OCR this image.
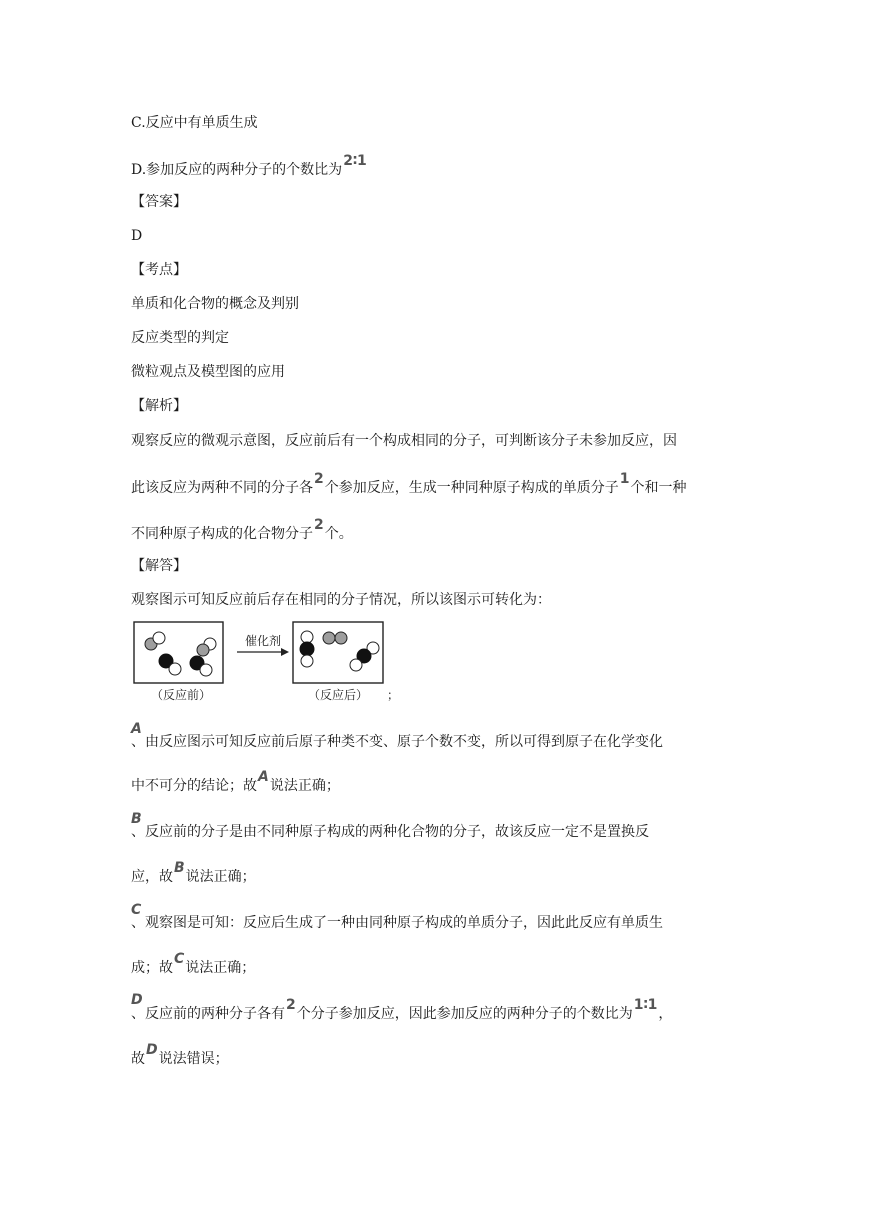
C.反应中有单质生成
D.参加反应的两种分子的个数比为2∶1
【答案】
D
【考点】
单质和化合物的概念及判别
反应类型的判定
微粒观点及模型图的应用
【解析】
观察反应的微观示意图，反应前后有一个构成相同的分子，可判断该分子未参加反应，因
此该反应为两种不同的分子各2个参加反应，生成一种同种原子构成的单质分子1个和一种
不同种原子构成的化合物分子2个。
【解答】
观察图示可知反应前后存在相同的分子情况，所以该图示可转化为：
催化剂
（反应前）	（反应后） ；
A
、由反应图示可知反应前后原子种类不变、原子个数不变，所以可得到原子在化学变化
中不可分的结论；故A说法正确；
B
、反应前的分子是由不同种原子构成的两种化合物的分子，故该反应一定不是置换反
应，故B说法正确；
C
、观察图是可知：反应后生成了一种由同种原子构成的单质分子，因此此反应有单质生
成；故C说法正确；
D
、反应前的两种分子各有2个分子参加反应，因此参加反应的两种分子的个数比为1∶1，
故D说法错误；
